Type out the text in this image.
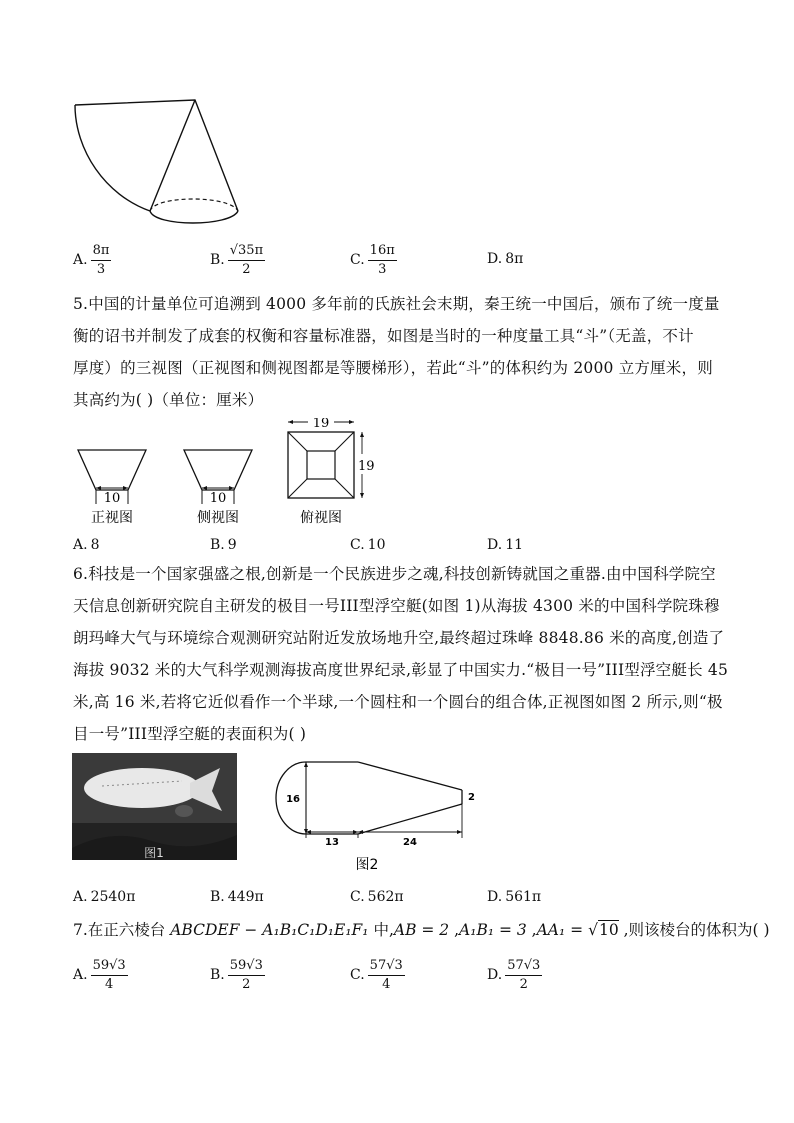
A. $\frac{8\pi}{3}$	B. $\frac{√35\pi}{2}$	C. $\frac{16\pi}{3}$	D. 8π
5.中国的计量单位可追溯到 4000 多年前的氏族社会末期，秦王统一中国后，颁布了统一度量
衡的诏书并制发了成套的权衡和容量标准器，如图是当时的一种度量工具“斗”（无盖，不计
厚度）的三视图（正视图和侧视图都是等腰梯形），若此“斗”的体积约为 2000 立方厘米，则
其高约为( )（单位：厘米）
10
正视图
10
侧视图
19
19
俯视图
A. 8	B. 9	C. 10	D. 11
6.科技是一个国家强盛之根,创新是一个民族进步之魂,科技创新铸就国之重器.由中国科学院空
天信息创新研究院自主研发的极目一号III型浮空艇(如图 1)从海拔 4300 米的中国科学院珠穆
朗玛峰大气与环境综合观测研究站附近发放场地升空,最终超过珠峰 8848.86 米的高度,创造了
海拔 9032 米的大气科学观测海拔高度世界纪录,彰显了中国实力.“极目一号”III型浮空艇长 45
米,高 16 米,若将它近似看作一个半球,一个圆柱和一个圆台的组合体,正视图如图 2 所示,则“极
目一号”III型浮空艇的表面积为( )
图1
16	2
13	24
图2
A. 2540π	B. 449π	C. 562π	D. 561π
7.在正六棱台 ABCDEF − A₁B₁C₁D₁E₁F₁ 中,AB = 2 ,A₁B₁ = 3 ,AA₁ = √10 ,则该棱台的体积为( )
A. $\frac{59√3}{4}$	B. $\frac{59√3}{2}$	C. $\frac{57√3}{4}$	D. $\frac{57√3}{2}$
